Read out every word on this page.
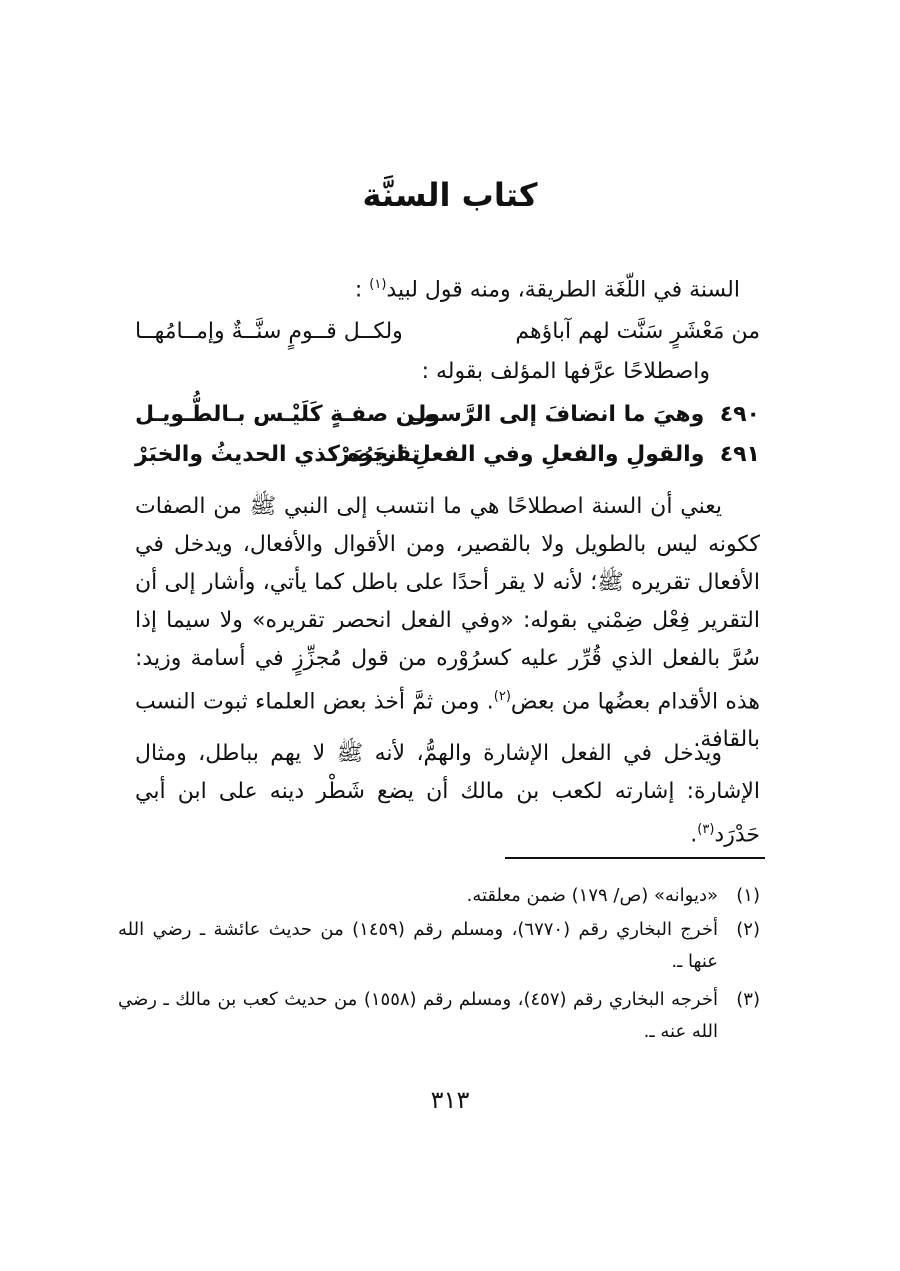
كتاب السنَّة

السنة في اللّغَة الطريقة، ومنه قول لبيد$^{(١)}$ :

من مَعْشَرٍ سَنَّت لهم آباؤهم
ولكــل قــومٍ سنَّــةٌ وإمــامُهــا

واصطلاحًا عرَّفها المؤلف بقوله :

٤٩٠  وهيَ ما انضافَ إلى الرَّسول
مِـن صفـةٍ كَلَيْـس بـالطُّـويـل
٤٩١  والقولِ والفعلِ وفي الفعلِ انحَصَرْ
تقريرُه كذي الحديثُ والخبَرْ

يعني أن السنة اصطلاحًا هي ما انتسب إلى النبي ﷺ من الصفات ككونه ليس بالطويل ولا بالقصير، ومن الأقوال والأفعال، ويدخل في الأفعال تقريره ﷺ؛ لأنه لا يقر أحدًا على باطل كما يأتي، وأشار إلى أن التقرير فِعْل ضِمْني بقوله: «وفي الفعل انحصر تقريره» ولا سيما إذا سُرَّ بالفعل الذي قُرِّر عليه كسرُوْره من قول مُجزِّزٍ في أسامة وزيد: هذه الأقدام بعضُها من بعض$^{(٢)}$. ومن ثمَّ أخذ بعض العلماء ثبوت النسب بالقافة.

ويدخل في الفعل الإشارة والهمُّ، لأنه ﷺ لا يهم بباطل، ومثال الإشارة: إشارته لكعب بن مالك أن يضع شَطْر دينه على ابن أبي حَدْرَد$^{(٣)}$.

(١)
«ديوانه» (ص/ ١٧٩) ضمن معلقته.
(٢)
أخرج البخاري رقم (٦٧٧٠)، ومسلم رقم (١٤٥٩) من حديث عائشة ـ رضي الله عنها ـ.
(٣)
أخرجه البخاري رقم (٤٥٧)، ومسلم رقم (١٥٥٨) من حديث كعب بن مالك ـ رضي الله عنه ـ.
٣١٣
